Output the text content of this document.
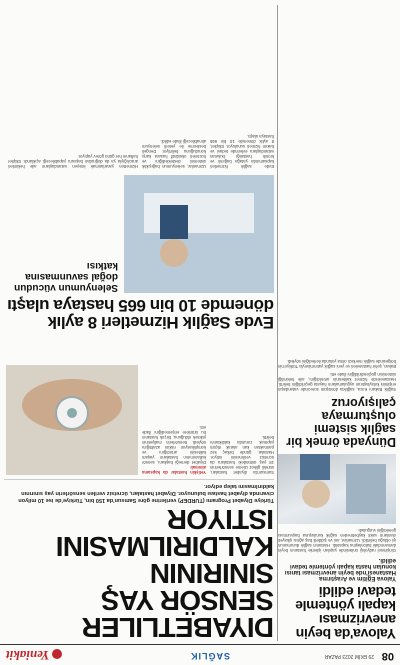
08
29 EKİM 2023 PAZAR
SAĞLIK
Yeniakit
Yalova'da beyin anevrizması kapalı yöntemle tedavi edildi
Yalova Eğitim ve Araştırma Hastanesi'nde beyin anevrizması tanısı konulan hasta kapalı yöntemle tedavi edildi.
Girişimsel radyoloji ünitesinde yapılan işlemle hastanın beyin damarındaki balonlaşma kapatıldı. Hastanın sağlık durumunun iyi olduğu belirtildi. Uzmanlar, ani ve şiddetli baş ağrısı şikayeti olanların vakit kaybetmeden sağlık kuruluşuna başvurması gerektiğini vurguladı.
Dünyada örnek bir sağlık sistemi oluşturmaya çalışıyoruz
Sağlık Bakanı Koca, sağlıkta dönüşüm sürecinde vatandaşın erişimini kolaylaştıran uygulamaların hayata geçirildiğini belirtti. Hastanelerde hizmet kalitesinin artırıldığını, aile hekimliği sisteminin güçlendirildiğini ifade etti.
Bakan, şehir hastaneleri ve yeni sağlık yatırımlarıyla Türkiye'nin bölgesinde sağlık merkezi olma yolunda ilerlediğini söyledi.
DIYABETLILER SENSÖR YAŞ SINIRININ KALDIRILMASINI ISTIYOR
Türkiye Diyabet Programı (TURDEP) verilerine göre Samsun'da 150 bin, Türkiye'de ise 10 milyon civarında diyabet hastası bulunuyor. Diyabet hastaları, ücretsiz verilen sensörlerin yaş sınırının kaldırılmasını talep ediyor.
Samsun'da diyabet hastaları, sürekli glikoz izleme sensörlerinin 18 yaş üstündeki hastalara da ücretsiz verilmesini istiyor. Hastalar, günde birkaç kez parmaktan kan alarak ölçüm yapmak zorunda kaldıklarını belirtti.
Yetişkin hastalar da kapsama alınmalı
Diyabet derneği başkanı, sensör kullanımının hastaların yaşam kalitesini artırdığını ve komplikasyon riskini azalttığını söyledi. Sensörlerin maliyetinin yüksek olduğunu, birçok hastanın bu ürünlere erişemediğini ifade etti.
Evde Sağlık Hizmetleri 8 aylık dönemde 10 bin 665 hastaya ulaştı
Selenyumun vücudun doğal savunmasına katkısı
Evde sağlık hizmetleri kapsamında yatağa bağımlı ve kronik hastalığı bulunan vatandaşlara evlerinde tedavi ve bakım hizmeti sunuluyor. Ekipler, 8 aylık dönemde 10 bin 665 hastaya ulaştı.
Uzmanlar, selenyumun bağışıklık sistemini desteklediğini ve hücreleri oksidatif hasara karşı koruduğunu belirtiyor. Dengeli beslenme ile yeterli selenyum alınabileceği ifade edildi.
Hizmetten yararlanmak isteyen vatandaşların aile hekimleri aracılığıyla ya da doğrudan başvuru yapabileceği açıklandı. Ekipler haftanın her günü görev yapıyor.
